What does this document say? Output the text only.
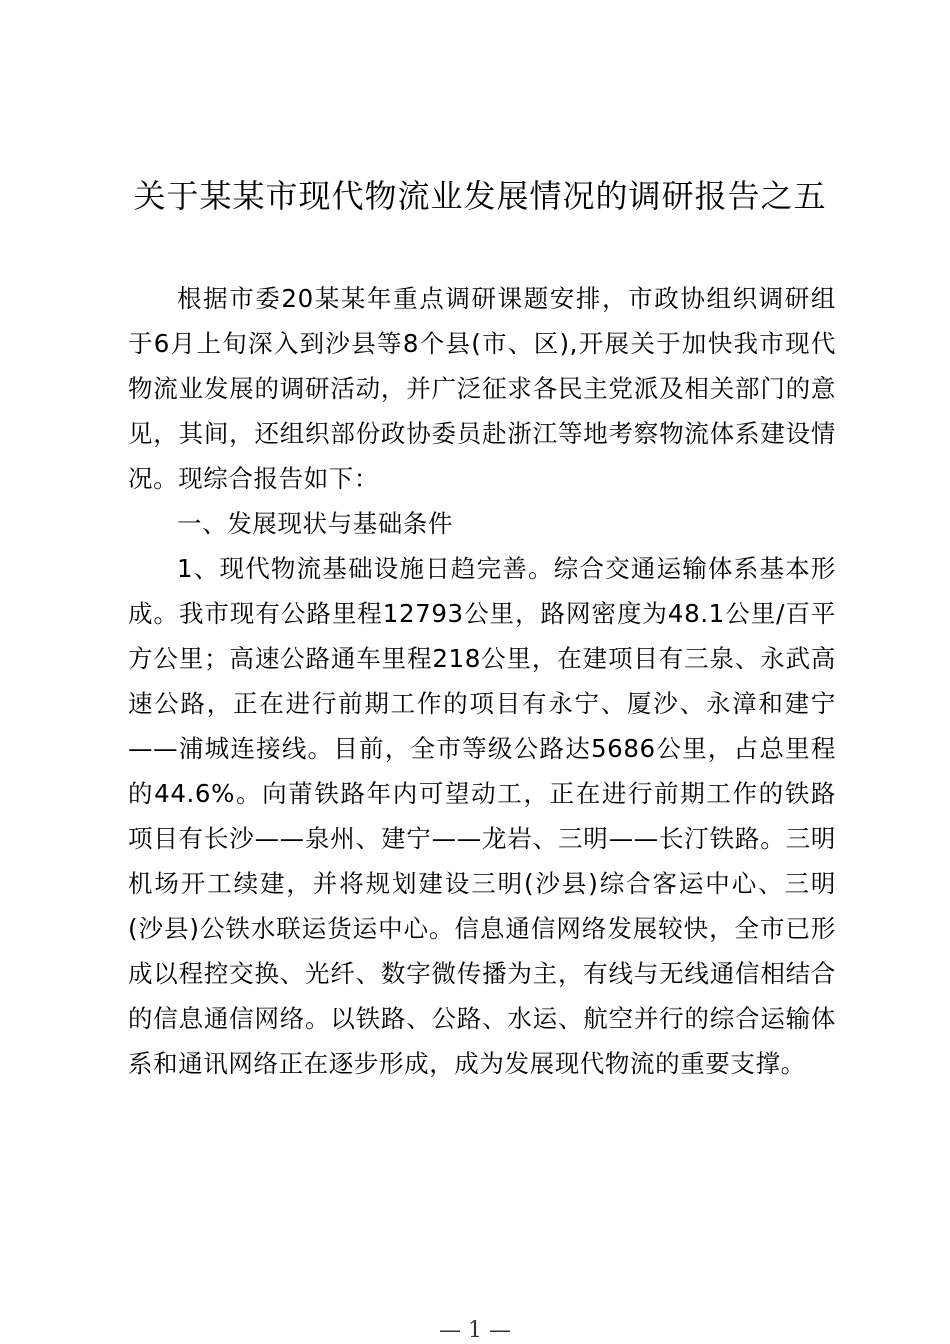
关于某某市现代物流业发展情况的调研报告之五

根据市委20某某年重点调研课题安排，市政协组织调研组于6月上旬深入到沙县等8个县(市、区),开展关于加快我市现代物流业发展的调研活动，并广泛征求各民主党派及相关部门的意见，其间，还组织部份政协委员赴浙江等地考察物流体系建设情况。现综合报告如下：

一、发展现状与基础条件

1、现代物流基础设施日趋完善。综合交通运输体系基本形成。我市现有公路里程12793公里，路网密度为48.1公里/百平方公里；高速公路通车里程218公里，在建项目有三泉、永武高速公路，正在进行前期工作的项目有永宁、厦沙、永漳和建宁——浦城连接线。目前，全市等级公路达5686公里，占总里程的44.6%。向莆铁路年内可望动工，正在进行前期工作的铁路项目有长沙——泉州、建宁——龙岩、三明——长汀铁路。三明机场开工续建，并将规划建设三明(沙县)综合客运中心、三明(沙县)公铁水联运货运中心。信息通信网络发展较快，全市已形成以程控交换、光纤、数字微传播为主，有线与无线通信相结合的信息通信网络。以铁路、公路、水运、航空并行的综合运输体系和通讯网络正在逐步形成，成为发展现代物流的重要支撑。

— 1 —
